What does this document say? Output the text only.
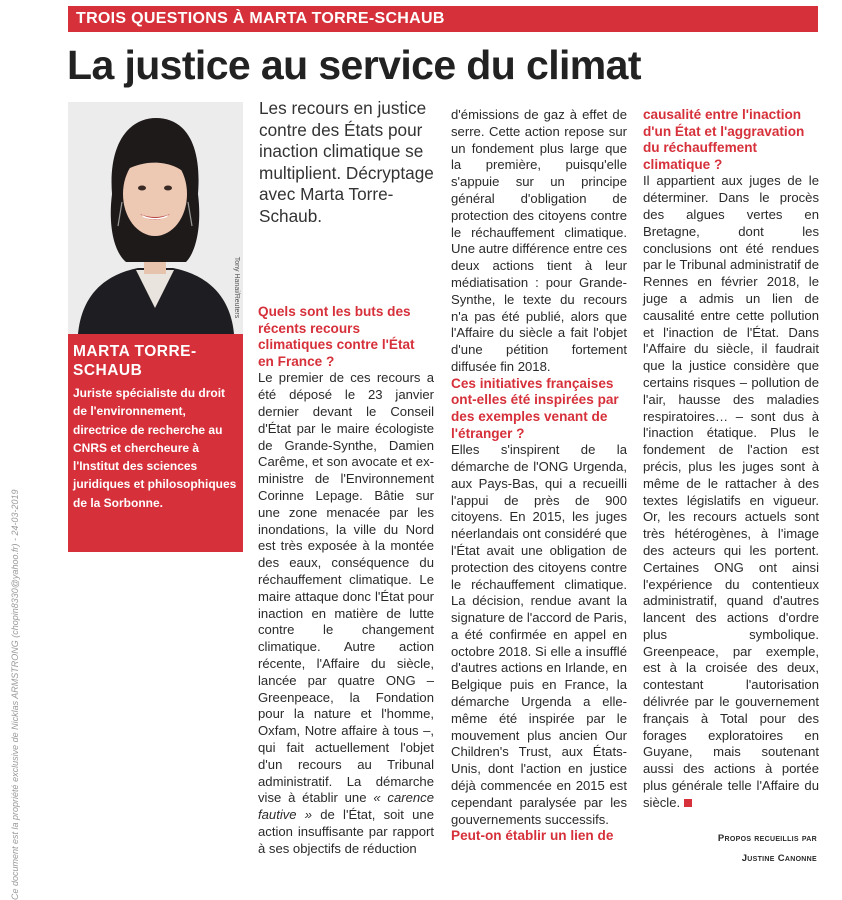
TROIS QUESTIONS À MARTA TORRE-SCHAUB
La justice au service du climat
Tony Hanai/Reuters
MARTA TORRE-SCHAUB
Juriste spécialiste du droit de l'environnement, directrice de recherche au CNRS et chercheure à l'Institut des sciences juridiques et philosophiques de la Sorbonne.
Ce document est la propriété exclusive de Nicklas ARMSTRONG (chopin8330@yahoo.fr) - 24-03-2019
Les recours en justice contre des États pour inaction climatique se multiplient. Décryptage avec Marta Torre-Schaub.

Quels sont les buts des récents recours climatiques contre l'État en France ?

Le premier de ces recours a été déposé le 23 janvier dernier devant le Conseil d'État par le maire écologiste de Grande-Synthe, Damien Carême, et son avocate et ex-ministre de l'Environnement Corinne Lepage. Bâtie sur une zone menacée par les inondations, la ville du Nord est très exposée à la montée des eaux, conséquence du réchauffement climatique. Le maire attaque donc l'État pour inaction en matière de lutte contre le changement climatique. Autre action récente, l'Affaire du siècle, lancée par quatre ONG – Greenpeace, la Fondation pour la nature et l'homme, Oxfam, Notre affaire à tous –, qui fait actuellement l'objet d'un recours au Tribunal administratif. La démarche vise à établir une « carence fautive » de l'État, soit une action insuffisante par rapport à ses objectifs de réduction

d'émissions de gaz à effet de serre. Cette action repose sur un fondement plus large que la première, puisqu'elle s'appuie sur un principe général d'obligation de protection des citoyens contre le réchauffement climatique. Une autre différence entre ces deux actions tient à leur médiatisation : pour Grande-Synthe, le texte du recours n'a pas été publié, alors que l'Affaire du siècle a fait l'objet d'une pétition fortement diffusée fin 2018.

Ces initiatives françaises ont-elles été inspirées par des exemples venant de l'étranger ?

Elles s'inspirent de la démarche de l'ONG Urgenda, aux Pays-Bas, qui a recueilli l'appui de près de 900 citoyens. En 2015, les juges néerlandais ont considéré que l'État avait une obligation de protection des citoyens contre le réchauffement climatique. La décision, rendue avant la signature de l'accord de Paris, a été confirmée en appel en octobre 2018. Si elle a insufflé d'autres actions en Irlande, en Belgique puis en France, la démarche Urgenda a elle-même été inspirée par le mouvement plus ancien Our Children's Trust, aux États-Unis, dont l'action en justice déjà commencée en 2015 est cependant paralysée par les gouvernements successifs.

Peut-on établir un lien de

causalité entre l'inaction d'un État et l'aggravation du réchauffement climatique ?

Il appartient aux juges de le déterminer. Dans le procès des algues vertes en Bretagne, dont les conclusions ont été rendues par le Tribunal administratif de Rennes en février 2018, le juge a admis un lien de causalité entre cette pollution et l'inaction de l'État. Dans l'Affaire du siècle, il faudrait que la justice considère que certains risques – pollution de l'air, hausse des maladies respiratoires… – sont dus à l'inaction étatique. Plus le fondement de l'action est précis, plus les juges sont à même de le rattacher à des textes législatifs en vigueur. Or, les recours actuels sont très hétérogènes, à l'image des acteurs qui les portent. Certaines ONG ont ainsi l'expérience du contentieux administratif, quand d'autres lancent des actions d'ordre plus symbolique. Greenpeace, par exemple, est à la croisée des deux, contestant l'autorisation délivrée par le gouvernement français à Total pour des forages exploratoires en Guyane, mais soutenant aussi des actions à portée plus générale telle l'Affaire du siècle.

Propos recueillis par
Justine Canonne
